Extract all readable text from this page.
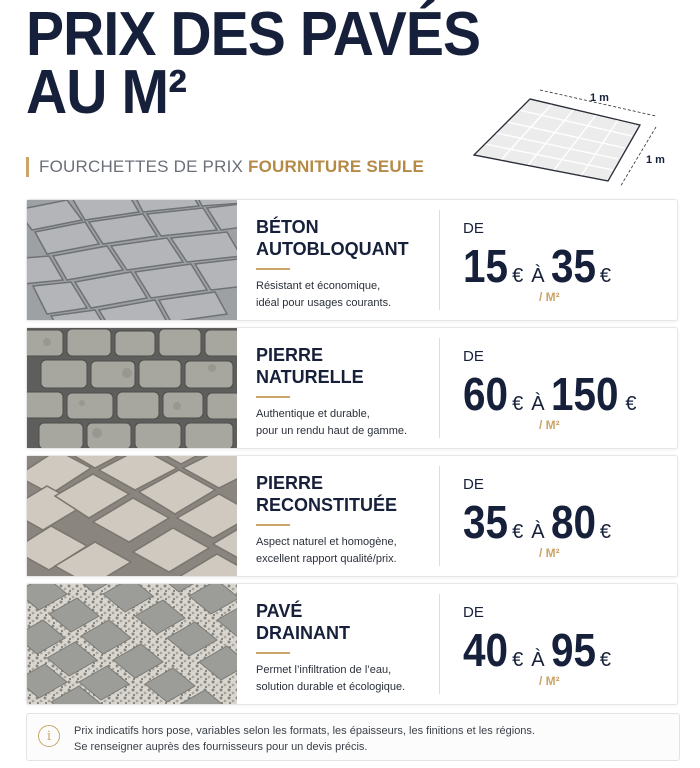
PRIX DES PAVÉS
AU M²
FOURCHETTES DE PRIX FOURNITURE SEULE
1 m
1 m
BÉTON
AUTOBLOQUANT
Résistant et économique,
idéal pour usages courants.
DE
15 € À 35 €
/ M²
PIERRE
NATURELLE
Authentique et durable,
pour un rendu haut de gamme.
DE
60 € À 150 €
/ M²
PIERRE
RECONSTITUÉE
Aspect naturel et homogène,
excellent rapport qualité/prix.
DE
35 € À 80 €
/ M²
PAVÉ
DRAINANT
Permet l’infiltration de l’eau,
solution durable et écologique.
DE
40 € À 95 €
/ M²
i	Prix indicatifs hors pose, variables selon les formats, les épaisseurs, les finitions et les régions.
Se renseigner auprès des fournisseurs pour un devis précis.
